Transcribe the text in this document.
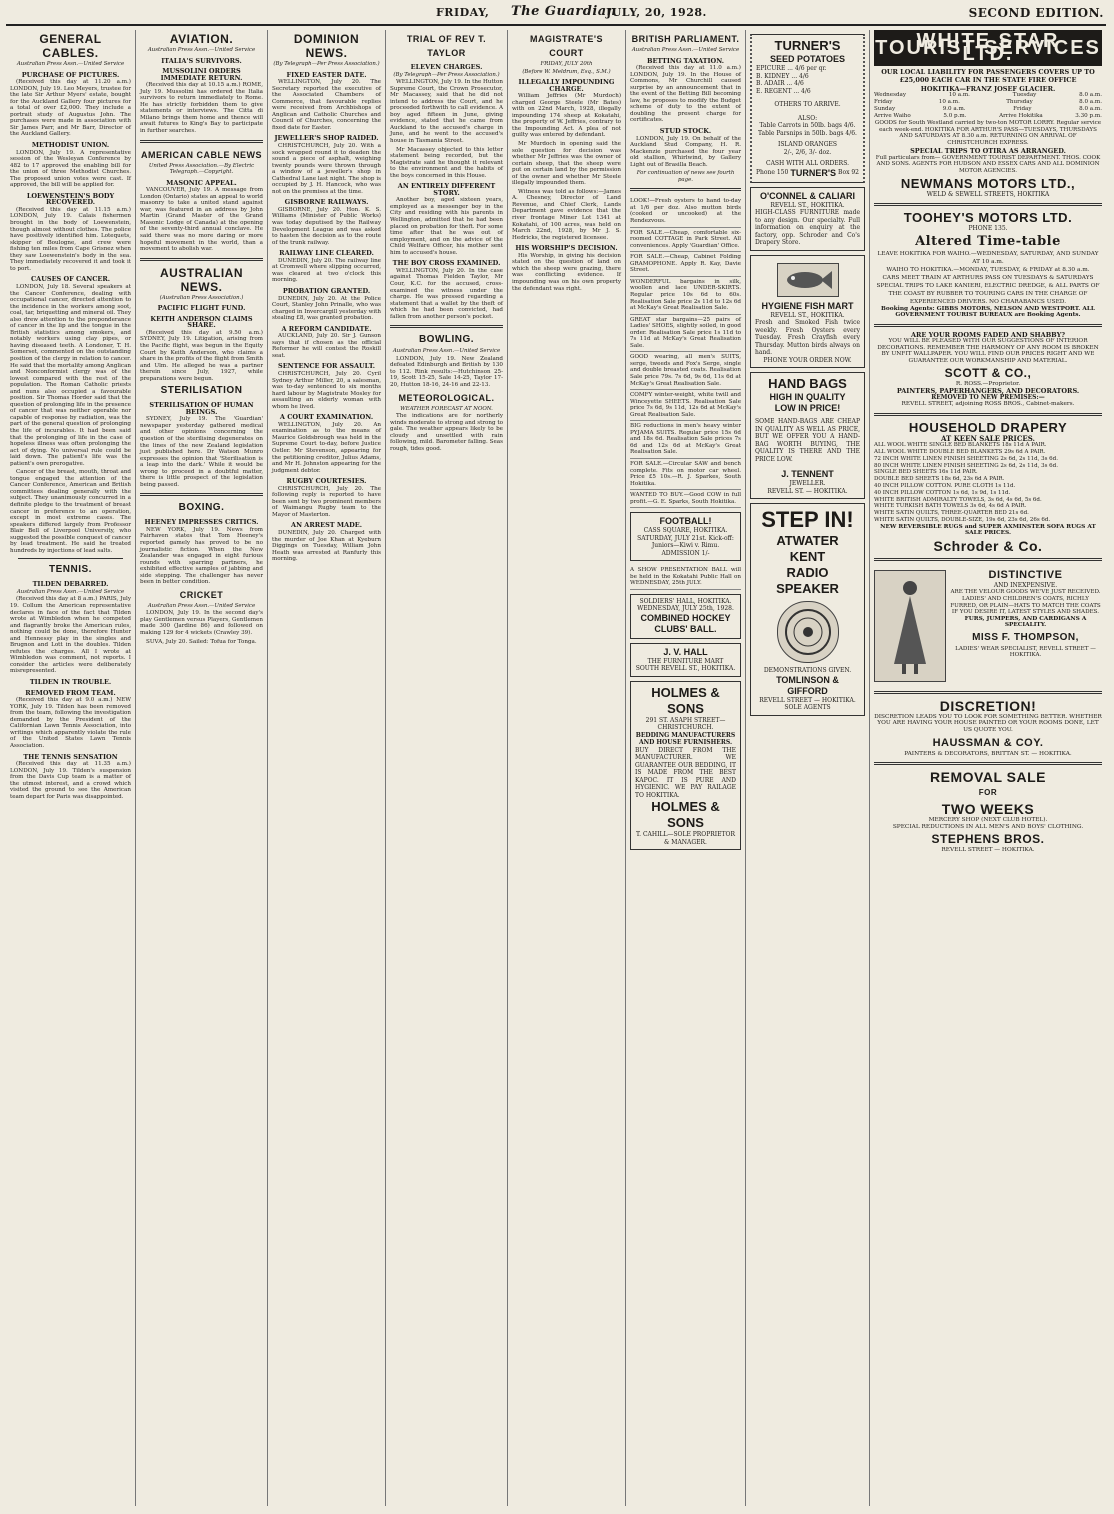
FRIDAY, The Guardian
JULY, 20, 1928.	SECOND EDITION.
GENERAL CABLES.
Australian Press Assn.—United Service
PURCHASE OF PICTURES.

(Received this day at 11.20 a.m.) LONDON, July 19. Leo Meyers, trustee for the late Sir Arthur Myers' estate, bought for the Auckland Gallery four pictures for a total of over £2,000. They include a portrait study of Augustus John. The purchases were made in association with Sir James Parr, and Mr Barr, Director of the Auckland Gallery.

METHODIST UNION.

LONDON, July 19. A representative session of the Wesleyan Conference by 482 to 17 approved the enabling bill for the union of three Methodist Churches. The proposed union votes were cast. If approved, the bill will be applied for.

LOEWENSTEIN'S BODY RECOVERED.

(Received this day at 11.15 a.m.) LONDON, July 19. Calais fishermen brought in the body of Loewenstein, though almost without clothes. The police have positively identified him. Lotequets, skipper of Boulogne, and crew were fishing ten miles from Cape Grisnez when they saw Loewenstein's body in the sea. They immediately recovered it and took it to port.

CAUSES OF CANCER.

LONDON, July 18. Several speakers at the Cancer Conference, dealing with occupational cancer, directed attention to the incidence in the workers among soot, coal, tar, briquetting and mineral oil. They also drew attention to the preponderance of cancer in the lip and the tongue in the British statistics among smokers, and notably workers using clay pipes, or having diseased teeth. A Londoner, T. H. Somerset, commented on the outstanding position of the clergy in relation to cancer. He said that the mortality among Anglican and Nonconformist clergy was of the lowest compared with the rest of the population. The Roman Catholic priests and nuns also occupied a favourable position. Sir Thomas Horder said that the question of prolonging life in the presence of cancer that was neither operable nor capable of response by radiation, was the part of the general question of prolonging the life of incurables. It had been said that the prolonging of life in the case of hopeless illness was often prolonging the act of dying. No universal rule could be laid down. The patient's life was the patient's own prerogative.

Cancer of the breast, mouth, throat and tongue engaged the attention of the Cancer Conference, American and British committees dealing generally with the subject. They unanimously concurred in a definite pledge to the treatment of breast cancer in preference to an operation, except in most extreme cases. The speakers differed largely from Professor Blair Bell of Liverpool University, who suggested the possible conquest of cancer by lead treatment. He said he treated hundreds by injections of lead salts.

TENNIS.
TILDEN DEBARRED.
Australian Press Assn.—United Service

(Received this day at 8 a.m.) PARIS, July 19. Collum the American representative declares in face of the fact that Tilden wrote at Wimbledon when he competed and flagrantly broke the American rules, nothing could be done, therefore Hunter and Hennessy play in the singles and Brugnon and Lott in the doubles. Tilden refutes the charges. All I wrote at Wimbledon was comment, not reports. I consider the articles were deliberately misrepresented.

TILDEN IN TROUBLE.
REMOVED FROM TEAM.

(Received this day at 9.0 a.m.) NEW YORK, July 19. Tilden has been removed from the team, following the investigation demanded by the President of the Californian Lawn Tennis Association, into writings which apparently violate the rule of the United States Lawn Tennis Association.

THE TENNIS SENSATION

(Received this day at 11.35 a.m.) LONDON, July 19. Tilden's suspension from the Davis Cup team is a matter of the utmost interest, and a crowd which visited the ground to see the American team depart for Paris was disappointed.

AVIATION.
Australian Press Assn.—United Service
ITALIA'S SURVIVORS.
MUSSOLINI ORDERS IMMEDIATE RETURN.

(Received this day at 10.15 a.m.) ROME, July 19. Mussolini has ordered the Italia survivors to return immediately to Rome. He has strictly forbidden them to give statements or interviews. The Citta di Milano brings them home and thence will await futures to King's Bay to participate in further searches.

AMERICAN CABLE NEWS
United Press Association.—By Electric Telegraph.—Copyright.
MASONIC APPEAL.

VANCOUVER, July 19. A message from London (Ontario) states an appeal to world masonry to take a united stand against war, was featured in an address by John Martin (Grand Master of the Grand Masonic Lodge of Canada) at the opening of the seventy-third annual conclave. He said there was no more daring or more hopeful movement in the world, than a movement to abolish war.

AUSTRALIAN NEWS.
(Australian Press Association.)
PACIFIC FLIGHT FUND.
KEITH ANDERSON CLAIMS SHARE.

(Received this day at 9.50 a.m.) SYDNEY, July 19. Litigation, arising from the Pacific flight, was begun in the Equity Court by Keith Anderson, who claims a share in the profits of the flight from Smith and Ulm. He alleged he was a partner therein since July, 1927, while preparations were begun.

STERILISATION
STERILISATION OF HUMAN BEINGS.

SYDNEY, July 19. The 'Guardian' newspaper yesterday gathered medical and other opinions concerning the question of the sterilising degenerates on the lines of the new Zealand legislation just published here. Dr Watson Munro expresses the opinion that 'Sterilisation is a leap into the dark.' While it would be wrong to proceed in a doubtful matter, there is little prospect of the legislation being passed.

BOXING.
HEENEY IMPRESSES CRITICS.

NEW YORK, July 19. News from Fairhaven states that Tom Heeney's reported gamely has proved to be no journalistic fiction. When the New Zealander was engaged in eight furious rounds with sparring partners, he exhibited effective samples of jabbing and side stepping. The challenger has never been in better condition.

CRICKET
Australian Press Assn.—United Service

LONDON, July 19. In the second day's play Gentlemen versus Players, Gentlemen made 300 (Jardine 86) and followed on making 129 for 4 wickets (Crawley 39).

SUVA, July 20. Sailed: Tofua for Tonga.

DOMINION NEWS.
(By Telegraph—Per Press Association.)
FIXED EASTER DATE.

WELLINGTON, July 20. The Secretary reported the executive of the Associated Chambers of Commerce, that favourable replies were received from Archbishops of Anglican and Catholic Churches and Council of Churches, concerning the fixed date for Easter.

JEWELLER'S SHOP RAIDED.

CHRISTCHURCH, July 20. With a sock wrapped round it to deaden the sound a piece of asphalt, weighing twenty pounds were thrown through a window of a jeweller's shop in Cathedral Lane last night. The shop is occupied by J. H. Hancock, who was not on the premises at the time.

GISBORNE RAILWAYS.

GISBORNE, July 20. Hon. K. S. Williams (Minister of Public Works) was today deputised by the Railway Development League and was asked to hasten the decision as to the route of the trunk railway.

RAILWAY LINE CLEARED.

DUNEDIN, July 20. The railway line at Cromwell where slipping occurred, was cleared at two o'clock this morning.

PROBATION GRANTED.

DUNEDIN, July 20. At the Police Court, Stanley John Prinalle, who was charged in Invercargill yesterday with stealing £8, was granted probation.

A REFORM CANDIDATE.

AUCKLAND, July 20. Sir J. Gunson says that if chosen as the official Reformer he will contest the Roskill seat.

SENTENCE FOR ASSAULT.

CHRISTCHURCH, July 20. Cyril Sydney Arthur Miller, 20, a salesman, was to-day sentenced to six months hard labour by Magistrate Mosley for assaulting an elderly woman with whom he lived.

A COURT EXAMINATION.

WELLINGTON, July 20. An examination as to the means of Maurice Goldsbrough was held in the Supreme Court to-day, before Justice Ostler. Mr Stevenson, appearing for the petitioning creditor, Julius Adams, and Mr H. Johnston appearing for the judgment debtor.

RUGBY COURTESIES.

CHRISTCHURCH, July 20. The following reply is reported to have been sent by two prominent members of Waimangu Rugby team to the Mayor of Masterton.

AN ARREST MADE.

DUNEDIN, July 20. Charged with the murder of Joe Khan at Kyeburn Diggings on Tuesday, William John Heath was arrested at Ranfurly this morning.

TRIAL OF REV T. TAYLOR
ELEVEN CHARGES.
(By Telegraph—Per Press Association.)

WELLINGTON, July 19. In the Hutton Supreme Court, the Crown Prosecutor, Mr Macassey, said that he did not intend to address the Court, and he proceeded forthwith to call evidence. A boy aged fifteen in June, giving evidence, stated that he came from Auckland to the accused's charge in June, and he went to the accused's house in Tasmania Street.

Mr Macassey objected to this letter statement being recorded, but the Magistrate said he thought it relevant to the environment and the habits of the boys concerned in this House.

AN ENTIRELY DIFFERENT STORY.

Another boy, aged sixteen years, employed as a messenger boy in the City and residing with his parents in Wellington, admitted that he had been placed on probation for theft. For some time after that he was out of employment, and on the advice of the Child Welfare Officer, his mother sent him to accused's house.

THE BOY CROSS EXAMINED.

WELLINGTON, July 20. In the case against Thomas Fielden Taylor, Mr Cour, K.C. for the accused, cross-examined the witness under the charge. He was pressed regarding a statement that a wallet by the theft of which he had been convicted, had fallen from another person's pocket.

BOWLING.
Australian Press Assn.—United Service

LONDON, July 19. New Zealand defeated Edinburgh and British by 130 to 112. Rink results:—Hutchinson 25-19, Scott 15-25, Sale 14-25, Taylor 17-20, Hutton 18-16, 24-16 and 22-13.

METEOROLOGICAL.
WEATHER FORECAST AT NOON.

The indications are for northerly winds moderate to strong and strong to gale. The weather appears likely to be cloudy and unsettled with rain following, mild. Barometer falling. Seas rough, tides good.

MAGISTRATE'S COURT
FRIDAY, JULY 20th
(Before W. Meldrum, Esq., S.M.)
ILLEGALLY IMPOUNDING CHARGE.

William Jeffries (Mr Murdoch) charged George Steele (Mr Bates) with on 22nd March, 1928, illegally impounding 174 sheep at Kokatahi, the property of W. Jeffries, contrary to the Impounding Act. A plea of not guilty was entered by defendant.

Mr Murdoch in opening said the sole question for decision was whether Mr Jeffries was the owner of certain sheep, that the sheep were put on certain land by the permission of the owner and whether Mr Steele illegally impounded them.

Witness was told as follows:—James A. Chesney, Director of Land Revenue, and Chief Clerk, Lands Department gave evidence that the river frontage Miner Lot 1341 at Kokatahi, of 100 acres, was held on March 22nd, 1928, by Mr J. S. Hedricks, the registered licensee.

HIS WORSHIP'S DECISION.

His Worship, in giving his decision stated on the question of land on which the sheep were grazing, there was conflicting evidence. If impounding was on his own property the defendant was right.

BRITISH PARLIAMENT.
Australian Press Assn.—United Service
BETTING TAXATION.

(Received this day at 11.0 a.m.) LONDON, July 19. In the House of Commons, Mr Churchill caused surprise by an announcement that in the event of the Betting Bill becoming law, he proposes to modify the Budget scheme of duty to the extent of doubling the present charge for certificates.

STUD STOCK.

LONDON, July 19. On behalf of the Auckland Stud Company, H. R. Mackenzie purchased the four year old stallion, Whirlwind, by Gallery Light out of Brasilla Beach.

For continuation of news see fourth page.
LOOK!—Fresh oysters to hand to-day at 1/6 per doz. Also mutton birds (cooked or uncooked) at the Rendezvous.
FOR SALE.—Cheap, comfortable six-roomed COTTAGE in Park Street. All conveniences. Apply 'Guardian' Office.
FOR SALE.—Cheap, Cabinet Folding GRAMOPHONE. Apply R. Kay, Davie Street.
WONDERFUL bargains in silk, woollen and lace UNDER-SKIRTS. Regular price 10s 6d to 60s. Realisation Sale price 2s 11d to 12s 6d at McKay's Great Realisation Sale.
GREAT star bargains—25 pairs of Ladies' SHOES, slightly soiled, in good order. Realisation Sale price 1s 11d to 7s 11d at McKay's Great Realisation Sale.
GOOD wearing, all men's SUITS, serge, tweeds and Fox's Serge, single and double breasted coats. Realisation Sale price 79s. 7s 6d, 9s 6d, 11s 6d at McKay's Great Realisation Sale.
COMFY winter-weight, white twill and Winceyette SHEETS. Realisation Sale price 7s 6d, 9s 11d, 12s 6d at McKay's Great Realisation Sale.
BIG reductions in men's heavy winter PYJAMA SUITS. Regular price 15s 6d and 18s 6d. Realisation Sale prices 7s 6d and 12s 6d at McKay's Great Realisation Sale.
FOR SALE.—Circular SAW and bench complete. Fits on motor car wheel. Price £5 10s.—R. J. Sparkes, South Hokitika.
WANTED TO BUY.—Good COW in full profit.—G. E. Sparks, South Hokitika.
FOOTBALL!
CASS SQUARE, HOKITIKA.
SATURDAY, JULY 21st. Kick-off: Juniors—Kiwi v. Rimu. ADMISSION 1/-
A SHOW PRESENTATION BALL will be held in the Kokatahi Public Hall on WEDNESDAY, 25th JULY.
SOLDIERS' HALL, HOKITIKA.
WEDNESDAY, JULY 25th, 1928.
COMBINED HOCKEY CLUBS' BALL.
J. V. HALL
THE FURNITURE MART
SOUTH REVELL ST., HOKITIKA.
HOLMES & SONS
291 ST. ASAPH STREET—CHRISTCHURCH.
BEDDING MANUFACTURERS AND HOUSE FURNISHERS.
BUY DIRECT FROM THE MANUFACTURER. WE GUARANTEE OUR BEDDING, IT IS MADE FROM THE BEST KAPOC. IT IS PURE AND HYGIENIC. WE PAY RAILAGE TO HOKITIKA.
HOLMES & SONS
T. CAHILL—SOLE PROPRIETOR & MANAGER.
TURNER'S
SEED POTATOES
EPICURE ... 4/6 per qr.
B. KIDNEY ... 4/6
B. ADAIR ... 4/6
E. REGENT ... 4/6
OTHERS TO ARRIVE.
ALSO:
Table Carrots in 50lb. bags 4/6. Table Parsnips in 50lb. bags 4/6.
ISLAND ORANGES
2/-, 2/6, 3/- doz.
CASH WITH ALL ORDERS.
Phone 150 TURNER'S Box 92
O'CONNEL & CALIARI
REVELL ST., HOKITIKA.
HIGH-CLASS FURNITURE made to any design. Our specialty. Full information on enquiry at the factory, opp. Schroder and Co's Drapery Store.
HYGIENE FISH MART
REVELL ST., HOKITIKA.
Fresh and Smoked Fish twice weekly. Fresh Oysters every Tuesday. Fresh Crayfish every Thursday. Mutton birds always on hand.
PHONE YOUR ORDER NOW.
HAND BAGS
HIGH IN QUALITY
LOW IN PRICE!
SOME HAND-BAGS ARE CHEAP IN QUALITY AS WELL AS PRICE, BUT WE OFFER YOU A HAND-BAG WORTH BUYING, THE QUALITY IS THERE AND THE PRICE LOW.
J. TENNENT
JEWELLER.
REVELL ST. — HOKITIKA.
STEP IN!
ATWATER
KENT
RADIO
SPEAKER
DEMONSTRATIONS GIVEN.
TOMLINSON & GIFFORD
REVELL STREET — HOKITIKA.
SOLE AGENTS
WHITE STAR TOURIST SERVICES LTD.
OUR LOCAL LIABILITY FOR PASSENGERS COVERS UP TO £25,000 EACH CAR IN THE STATE FIRE OFFICE
HOKITIKA—FRANZ JOSEF GLACIER.
Wednesday	10 a.m.	Tuesday	8.0 a.m.
Friday	10 a.m.	Thursday	8.0 a.m.
Sunday	9.0 a.m.	Friday	8.0 a.m.
Arrive Waiho	5.0 p.m.	Arrive Hokitika	3.30 p.m.
GOODS for South Westland carried by two-ton MOTOR LORRY. Regular service each week-end. HOKITIKA FOR ARTHUR'S PASS—TUESDAYS, THURSDAYS AND SATURDAYS AT 8.30 a.m. RETURNING ON ARRIVAL OF CHRISTCHURCH EXPRESS.
SPECIAL TRIPS TO OTIRA AS ARRANGED.
Full particulars from— GOVERNMENT TOURIST DEPARTMENT. THOS. COOK AND SONS. AGENTS FOR HUDSON AND ESSEX CARS AND ALL DOMINION MOTOR AGENCIES.
NEWMANS MOTORS LTD.,
WELD & SEWELL STREETS, HOKITIKA
TOOHEY'S MOTORS LTD.
PHONE 135.
Altered Time-table
LEAVE HOKITIKA FOR WAIHO.—WEDNESDAY, SATURDAY, AND SUNDAY AT 10 a.m.
WAIHO TO HOKITIKA.—MONDAY, TUESDAY, & FRIDAY at 8.30 a.m.
CARS MEET TRAIN AT ARTHURS PASS ON TUESDAYS & SATURDAYS
SPECIAL TRIPS TO LAKE KANIERI, ELECTRIC DREDGE, & ALL PARTS OF THE COAST BY RUBBER TO TOURING CARS IN THE CHARGE OF EXPERIENCED DRIVERS. NO CHARABANCS USED.
Booking Agents: GIBBS MOTORS, NELSON AND WESTPORT. ALL GOVERNMENT TOURIST BUREAUX are Booking Agents.
ARE YOUR ROOMS FADED AND SHABBY?
YOU WILL BE PLEASED WITH OUR SUGGESTIONS OF INTERIOR DECORATIONS. REMEMBER THE HARMONY OF ANY ROOM IS BROKEN BY UNFIT WALLPAPER. YOU WILL FIND OUR PRICES RIGHT AND WE GUARANTEE OUR WORKMANSHIP AND MATERIAL.
SCOTT & CO.,
R. ROSS.—Proprietor.
PAINTERS, PAPERHANGERS, AND DECORATORS.
REMOVED TO NEW PREMISES:—
REVELL STREET, adjoining ROSS BROS., Cabinet-makers.
HOUSEHOLD DRAPERY
AT KEEN SALE PRICES.
ALL WOOL WHITE SINGLE BED BLANKETS 18s 11d A PAIR.
ALL WOOL WHITE DOUBLE BED BLANKETS 29s 6d A PAIR.
72 INCH WHITE LINEN FINISH SHEETING 2s 6d, 2s 11d, 3s 6d.
80 INCH WHITE LINEN FINISH SHEETING 2s 6d, 2s 11d, 3s 6d.
SINGLE BED SHEETS 16s 11d PAIR.
DOUBLE BED SHEETS 18s 6d, 23s 6d A PAIR.
40 INCH PILLOW COTTON. PURE CLOTH 1s 11d.
40 INCH PILLOW COTTON 1s 6d, 1s 9d, 1s 11d.
WHITE BRITISH ADMIRALTY TOWELS, 3s 6d, 4s 6d, 5s 6d.
WHITE TURKISH BATH TOWELS 3s 6d, 4s 6d A PAIR.
WHITE SATIN QUILTS, THREE-QUARTER BED 21s 6d.
WHITE SATIN QUILTS, DOUBLE-SIZE, 19s 6d, 23s 6d, 26s 6d.
NEW REVERSIBLE RUGS and SUPER AXMINSTER SOFA RUGS AT SALE PRICES.
Schroder & Co.
DISTINCTIVE
AND INEXPENSIVE.
ARE THE VELOUR GOODS WE'VE JUST RECEIVED. LADIES' AND CHILDREN'S COATS, RICHLY FURRED, OR PLAIN—HATS TO MATCH THE COATS IF YOU DESIRE IT, LATEST STYLES AND SHADES.
FURS, JUMPERS, AND CARDIGANS A SPECIALITY.
MISS F. THOMPSON,
LADIES' WEAR SPECIALIST, REVELL STREET — HOKITIKA.
DISCRETION!
DISCRETION LEADS YOU TO LOOK FOR SOMETHING BETTER. WHETHER YOU ARE HAVING YOUR HOUSE PAINTED OR YOUR ROOMS DONE, LET US QUOTE YOU.
HAUSSMAN & COY.
PAINTERS & DECORATORS, BRITTAN ST. — HOKITIKA.
REMOVAL SALE
FOR
TWO WEEKS
MERCERY SHOP (NEXT CLUB HOTEL).
SPECIAL REDUCTIONS IN ALL MEN'S AND BOYS' CLOTHING.
STEPHENS BROS.
REVELL STREET — HOKITIKA.
